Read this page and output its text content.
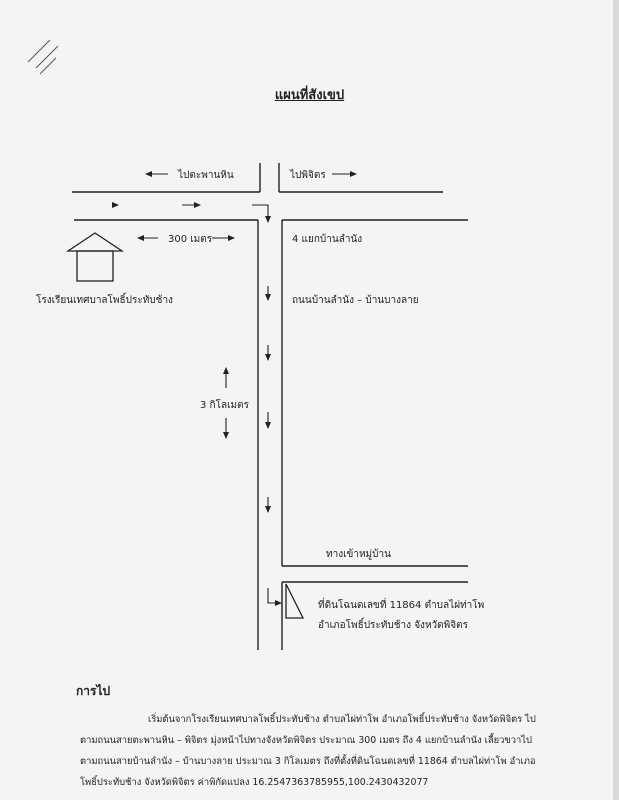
แผนที่สังเขป
ไปตะพานหิน	ไปพิจิตร
300 เมตร	4 แยกบ้านลำนัง
โรงเรียนเทศบาลโพธิ์ประทับช้าง	ถนนบ้านลำนัง – บ้านบางลาย
3 กิโลเมตร
ทางเข้าหมู่บ้าน
ที่ดินโฉนดเลขที่ 11864 ตำบลไผ่ท่าโพ
อำเภอโพธิ์ประทับช้าง จังหวัดพิจิตร
การไป
เริ่มต้นจากโรงเรียนเทศบาลโพธิ์ประทับช้าง ตำบลไผ่ท่าโพ อำเภอโพธิ์ประทับช้าง จังหวัดพิจิตร ไปตามถนนสายตะพานหิน – พิจิตร มุ่งหน้าไปทางจังหวัดพิจิตร ประมาณ 300 เมตร ถึง 4 แยกบ้านลำนัง เลี้ยวขวาไปตามถนนสายบ้านลำนัง – บ้านบางลาย ประมาณ 3 กิโลเมตร ถึงที่ตั้งที่ดินโฉนดเลขที่ 11864 ตำบลไผ่ท่าโพ อำเภอโพธิ์ประทับช้าง จังหวัดพิจิตร ค่าพิกัดแปลง 16.2547363785955,100.2430432077
